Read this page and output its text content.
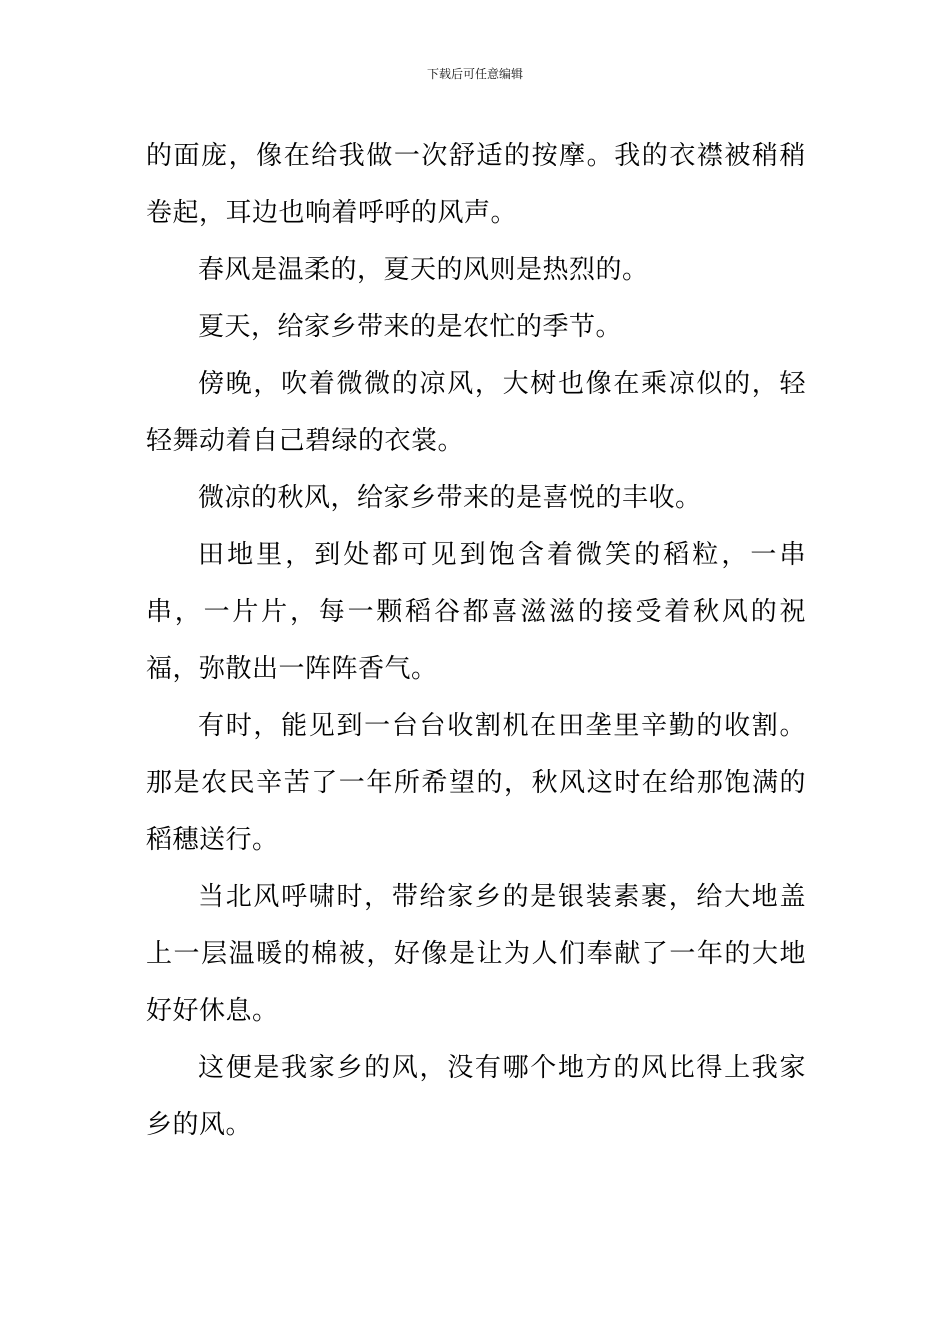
下载后可任意编辑

的面庞，像在给我做一次舒适的按摩。我的衣襟被稍稍卷起，耳边也响着呼呼的风声。

春风是温柔的，夏天的风则是热烈的。

夏天，给家乡带来的是农忙的季节。

傍晚，吹着微微的凉风，大树也像在乘凉似的，轻轻舞动着自己碧绿的衣裳。

微凉的秋风，给家乡带来的是喜悦的丰收。

田地里，到处都可见到饱含着微笑的稻粒，一串串，一片片，每一颗稻谷都喜滋滋的接受着秋风的祝福，弥散出一阵阵香气。

有时，能见到一台台收割机在田垄里辛勤的收割。那是农民辛苦了一年所希望的，秋风这时在给那饱满的稻穗送行。

当北风呼啸时，带给家乡的是银装素裹，给大地盖上一层温暖的棉被，好像是让为人们奉献了一年的大地好好休息。

这便是我家乡的风，没有哪个地方的风比得上我家乡的风。
